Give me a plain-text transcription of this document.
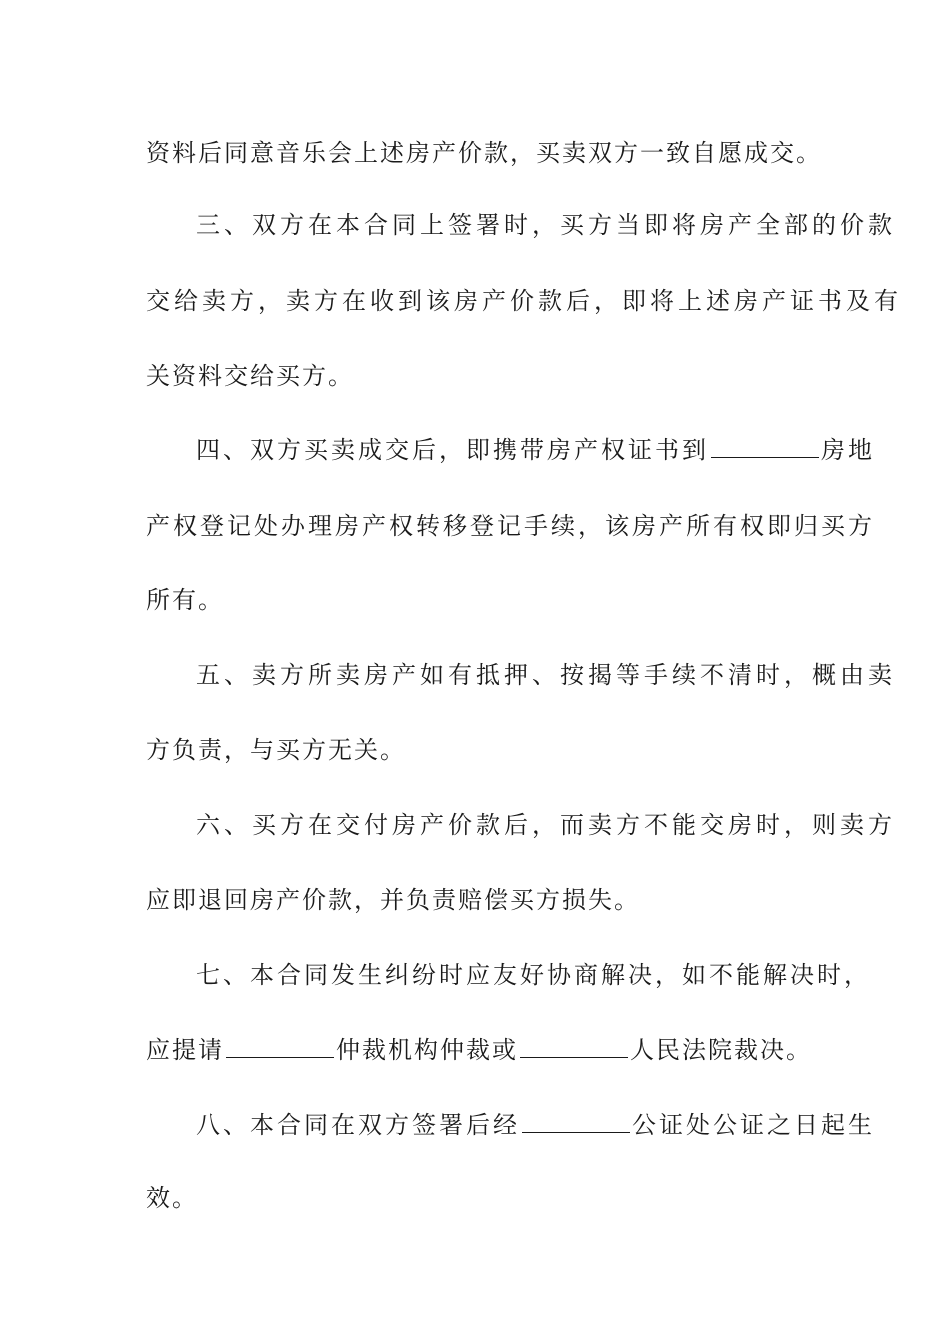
资料后同意音乐会上述房产价款，买卖双方一致自愿成交。
三、双方在本合同上签署时，买方当即将房产全部的价款
交给卖方，卖方在收到该房产价款后，即将上述房产证书及有
关资料交给买方。
四、双方买卖成交后，即携带房产权证书到	房地
产权登记处办理房产权转移登记手续，该房产所有权即归买方
所有。
五、卖方所卖房产如有抵押、按揭等手续不清时，概由卖
方负责，与买方无关。
六、买方在交付房产价款后，而卖方不能交房时，则卖方
应即退回房产价款，并负责赔偿买方损失。
七、本合同发生纠纷时应友好协商解决，如不能解决时，
应提请	仲裁机构仲裁或	人民法院裁决。
八、本合同在双方签署后经	公证处公证之日起生
效。
